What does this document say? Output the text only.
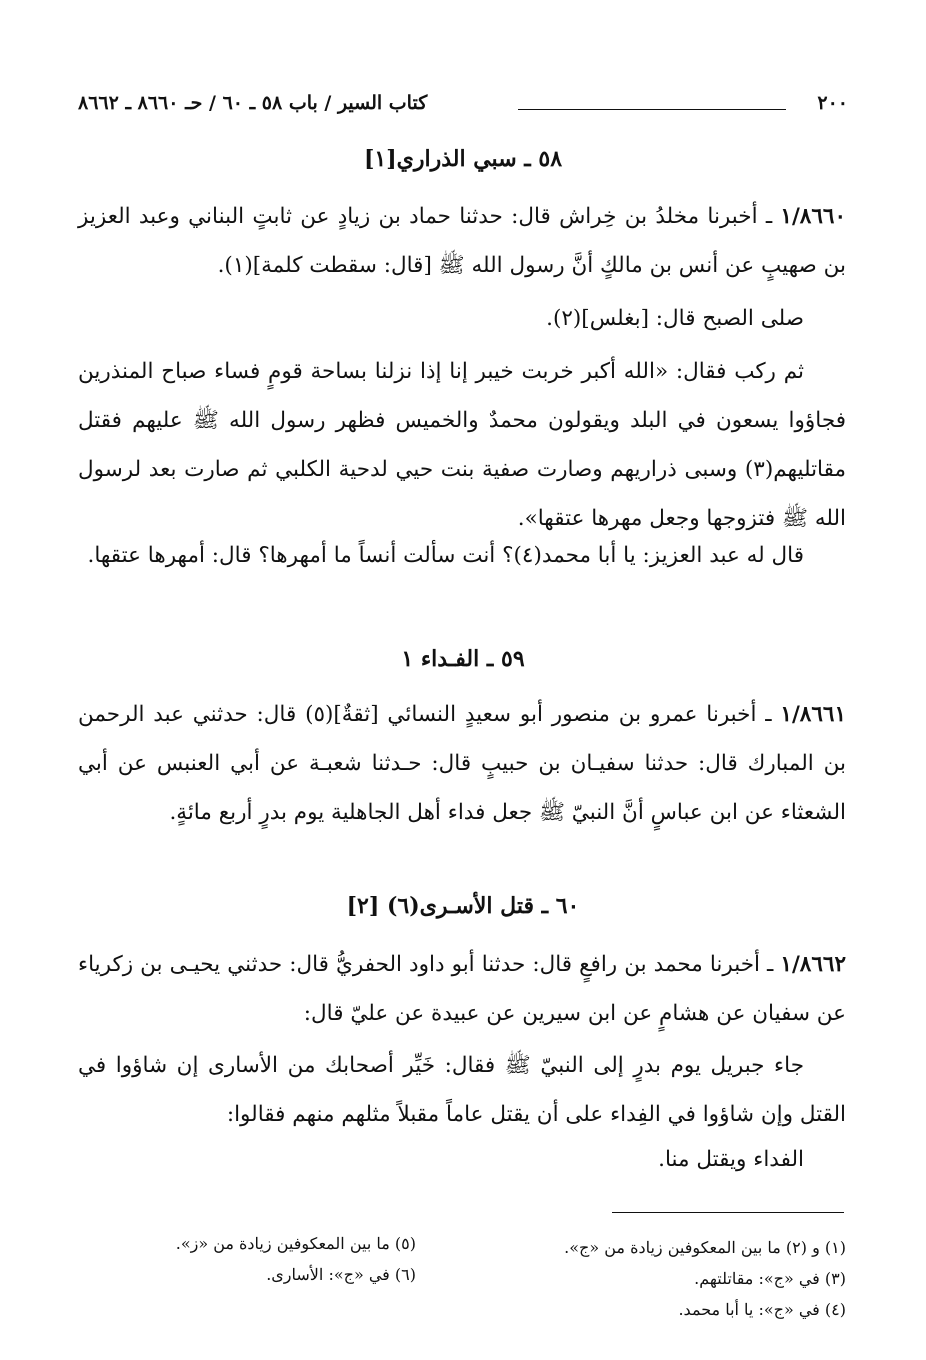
٢٠٠
كتاب السير / باب ٥٨ ـ ٦٠ / حـ ٨٦٦٠ ـ ٨٦٦٢
٥٨ ـ سبي الذراري[١]

١/٨٦٦٠ ـ أخبرنا مخلدُ بن خِراش قال: حدثنا حماد بن زيادٍ عن ثابتٍ البناني وعبد العزيز بن صهيبٍ عن أنس بن مالكٍ أنَّ رسول الله ﷺ [قال: سقطت كلمة](١).

صلى الصبح قال: [بغلس](٢).

ثم ركب فقال: «الله أكبر خربت خيبر إنا إذا نزلنا بساحة قومٍ فساء صباح المنذرين فجاؤوا يسعون في البلد ويقولون محمدٌ والخميس فظهر رسول الله ﷺ عليهم فقتل مقاتليهم(٣) وسبى ذراريهم وصارت صفية بنت حيي لدحية الكلبي ثم صارت بعد لرسول الله ﷺ فتزوجها وجعل مهرها عتقها».

قال له عبد العزيز: يا أبا محمد(٤)؟ أنت سألت أنساً ما أمهرها؟ قال: أمهرها عتقها.

٥٩ ـ الفـداء ١

١/٨٦٦١ ـ أخبرنا عمرو بن منصور أبو سعيدٍ النسائي [ثقةٌ](٥) قال: حدثني عبد الرحمن بن المبارك قال: حدثنا سفيـان بن حبيبٍ قال: حـدثنا شعبـة عن أبي العنبس عن أبي الشعثاء عن ابن عباسٍ أنَّ النبيّ ﷺ جعل فداء أهل الجاهلية يوم بدرٍ أربع مائةٍ.

٦٠ ـ قتل الأسـرى(٦) [٢]

١/٨٦٦٢ ـ أخبرنا محمد بن رافعٍ قال: حدثنا أبو داود الحفريُّ قال: حدثني يحيـى بن زكرياء عن سفيان عن هشامٍ عن ابن سيرين عن عبيدة عن عليّ قال:

جاء جبريل يوم بدرٍ إلى النبيّ ﷺ فقال: خَيِّر أصحابك من الأسارى إن شاؤوا في القتل وإن شاؤوا في الفِداء على أن يقتل عاماً مقبلاً مثلهم منهم فقالوا:

الفداء ويقتل منا.

(١) و (٢) ما بين المعكوفين زيادة من «ج».
(٣) في «ج»: مقاتلتهم.
(٤) في «ج»: يا أبا محمد.
(٥) ما بين المعكوفين زيادة من «ز».
(٦) في «ج»: الأسارى.
